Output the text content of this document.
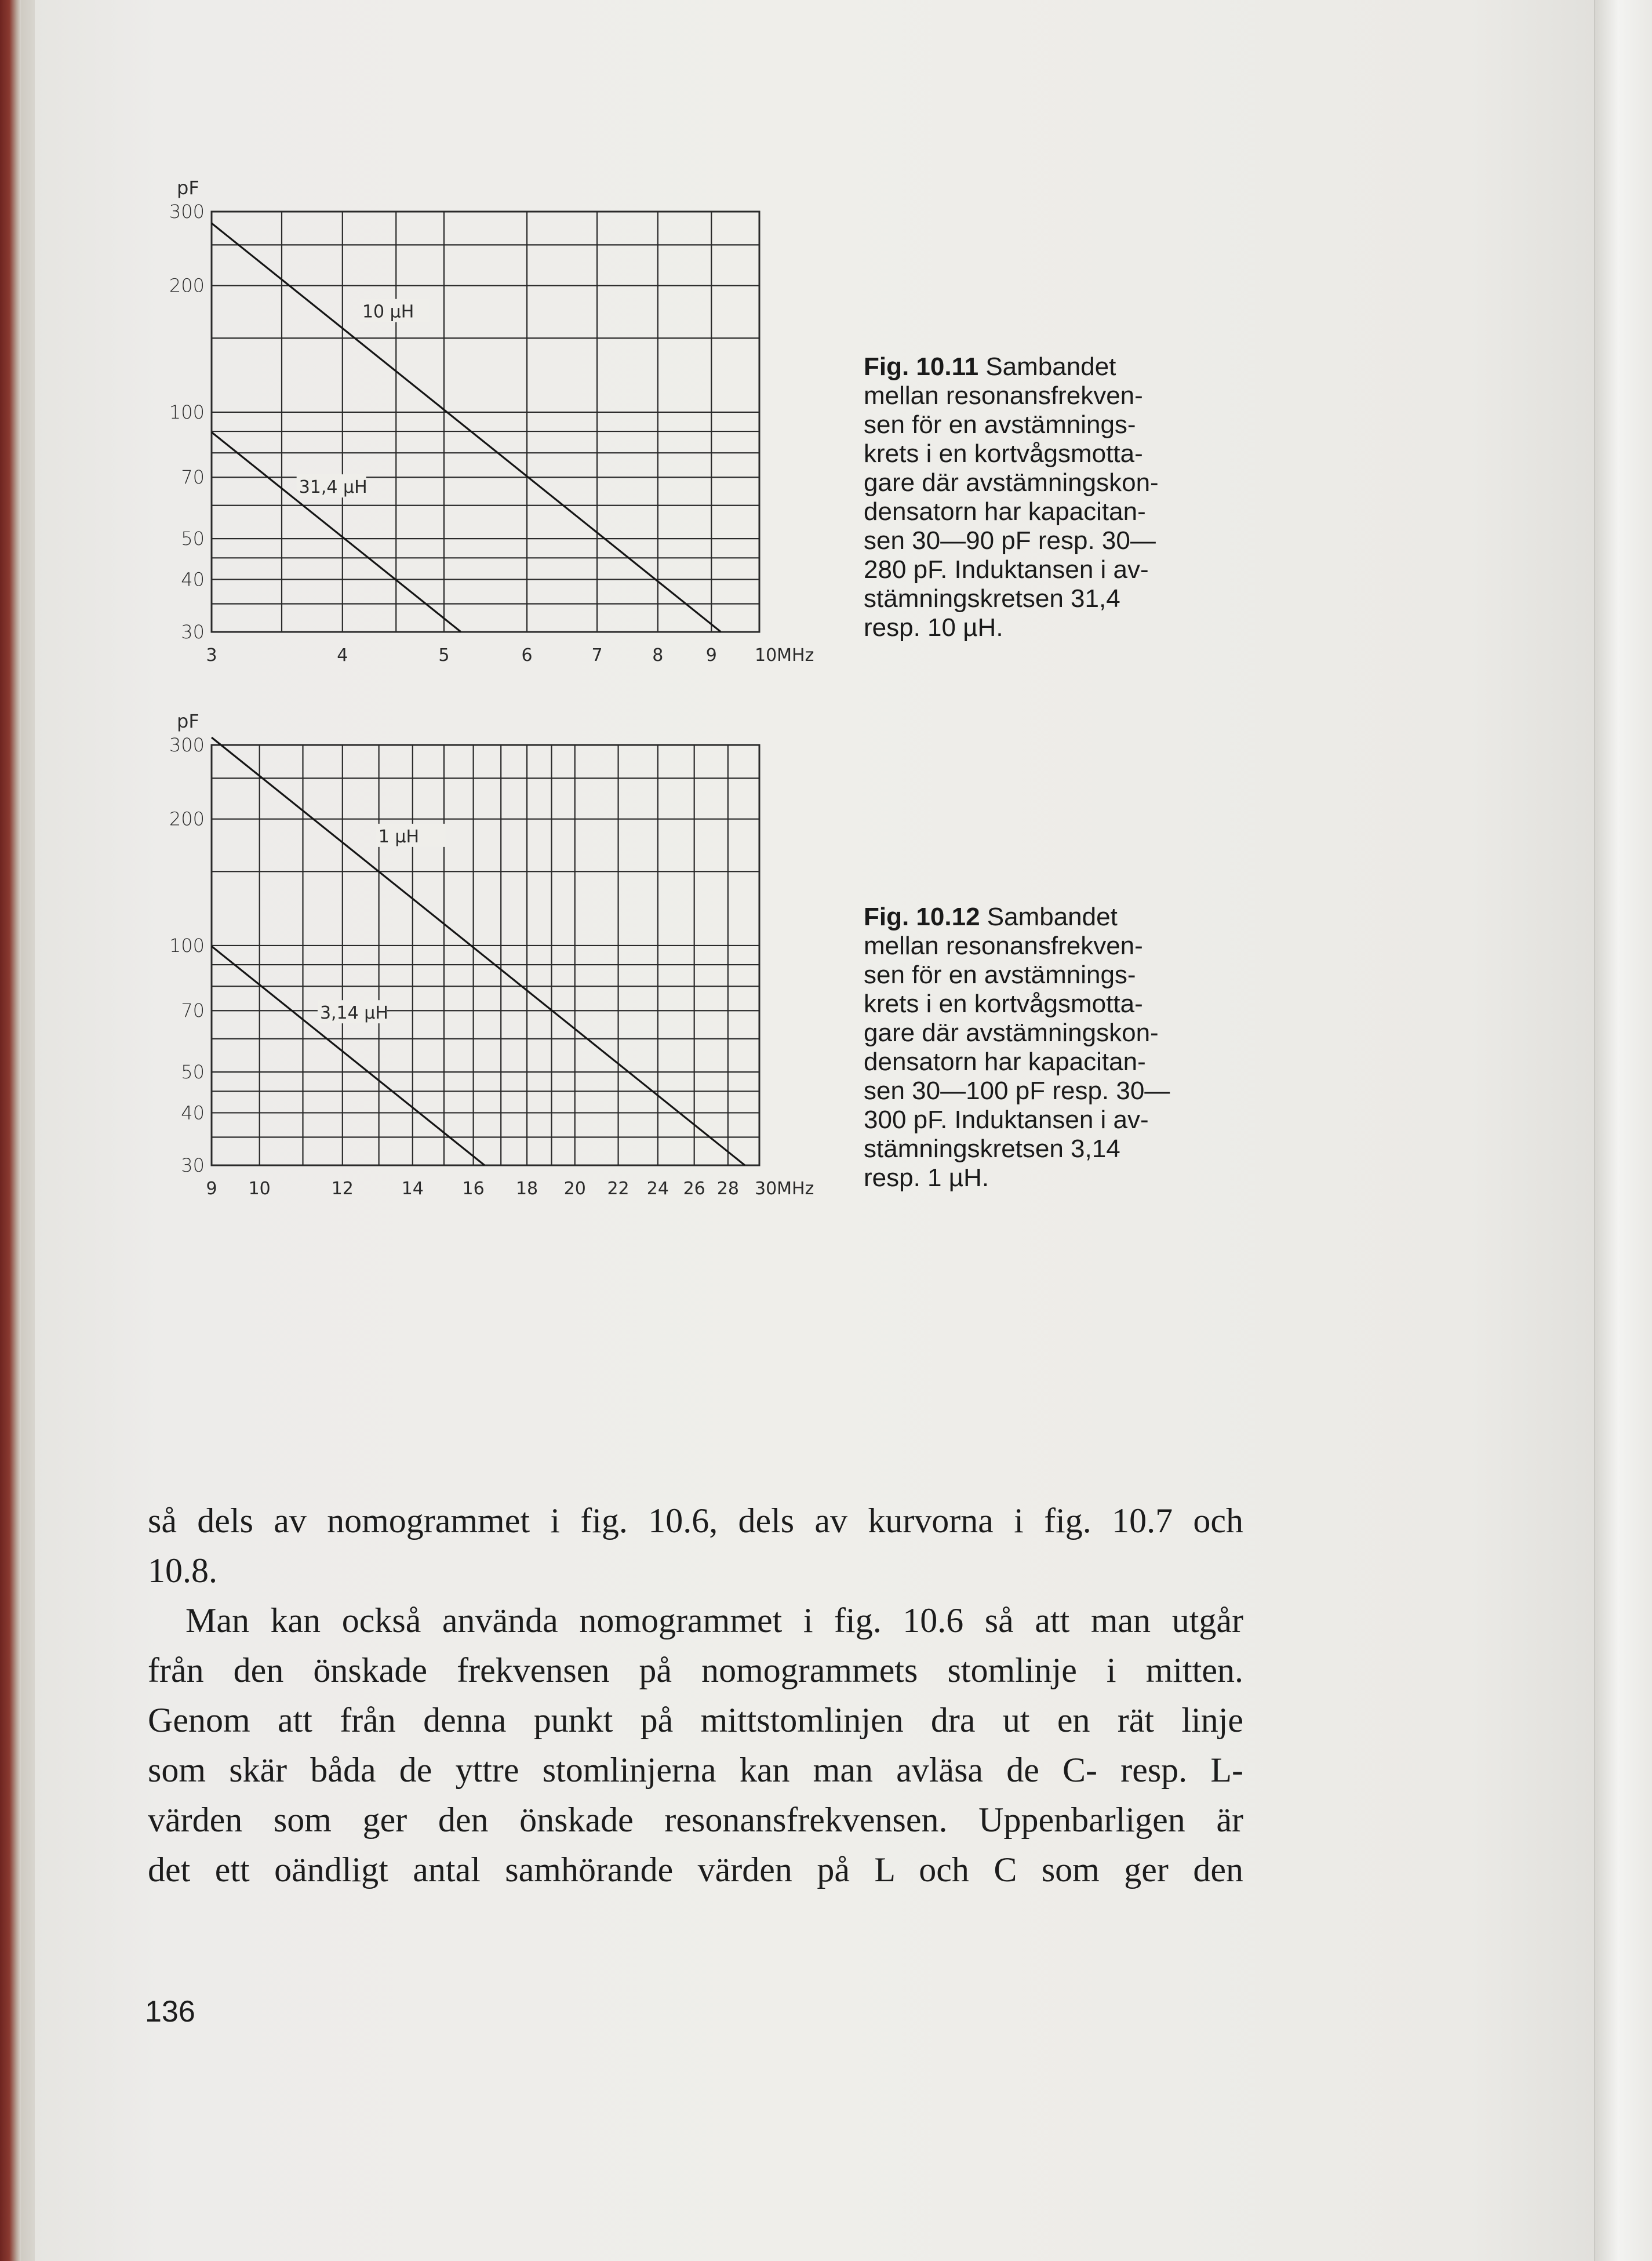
pF
300
200
100
70
50
40
30
3	4	5	6	7	8 9 10MHz
10 µH
31,4 µH
Fig. 10.11 Sambandet
mellan resonansfrekven-
sen för en avstämnings-
krets i en kortvågsmotta-
gare där avstämningskon-
densatorn har kapacitan-
sen 30—90 pF resp. 30—
280 pF. Induktansen i av-
stämningskretsen 31,4
resp. 10 µH.
pF
300
200
100
70
50
40
30
9 10	12	14 16 18 20 22 24 26 28 30MHz
1 µH
3,14 µH
Fig. 10.12 Sambandet
mellan resonansfrekven-
sen för en avstämnings-
krets i en kortvågsmotta-
gare där avstämningskon-
densatorn har kapacitan-
sen 30—100 pF resp. 30—
300 pF. Induktansen i av-
stämningskretsen 3,14
resp. 1 µH.
så dels av nomogrammet i fig. 10.6, dels av kurvorna i fig. 10.7 och
10.8.
Man kan också använda nomogrammet i fig. 10.6 så att man utgår
från den önskade frekvensen på nomogrammets stomlinje i mitten.
Genom att från denna punkt på mittstomlinjen dra ut en rät linje
som skär båda de yttre stomlinjerna kan man avläsa de C- resp. L-
värden som ger den önskade resonansfrekvensen. Uppenbarligen är
det ett oändligt antal samhörande värden på L och C som ger den
136
